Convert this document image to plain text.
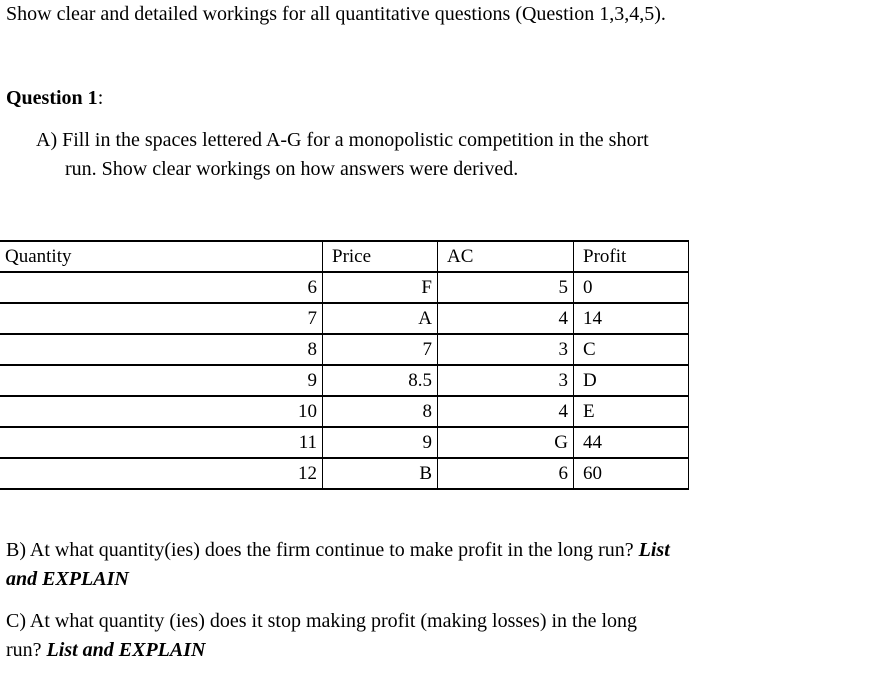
Show clear and detailed workings for all quantitative questions (Question 1,3,4,5).
Question 1:
A) Fill in the spaces lettered A-G for a monopolistic competition in the short
run. Show clear workings on how answers were derived.
Quantity	Price	AC	Profit
6	F	5	0
7	A	4	14
8	7	3	C
9	8.5	3	D
10	8	4	E
11	9	G	44
12	B	6	60
B) At what quantity(ies) does the firm continue to make profit in the long run? List
and EXPLAIN
C) At what quantity (ies) does it stop making profit (making losses) in the long
run? List and EXPLAIN
